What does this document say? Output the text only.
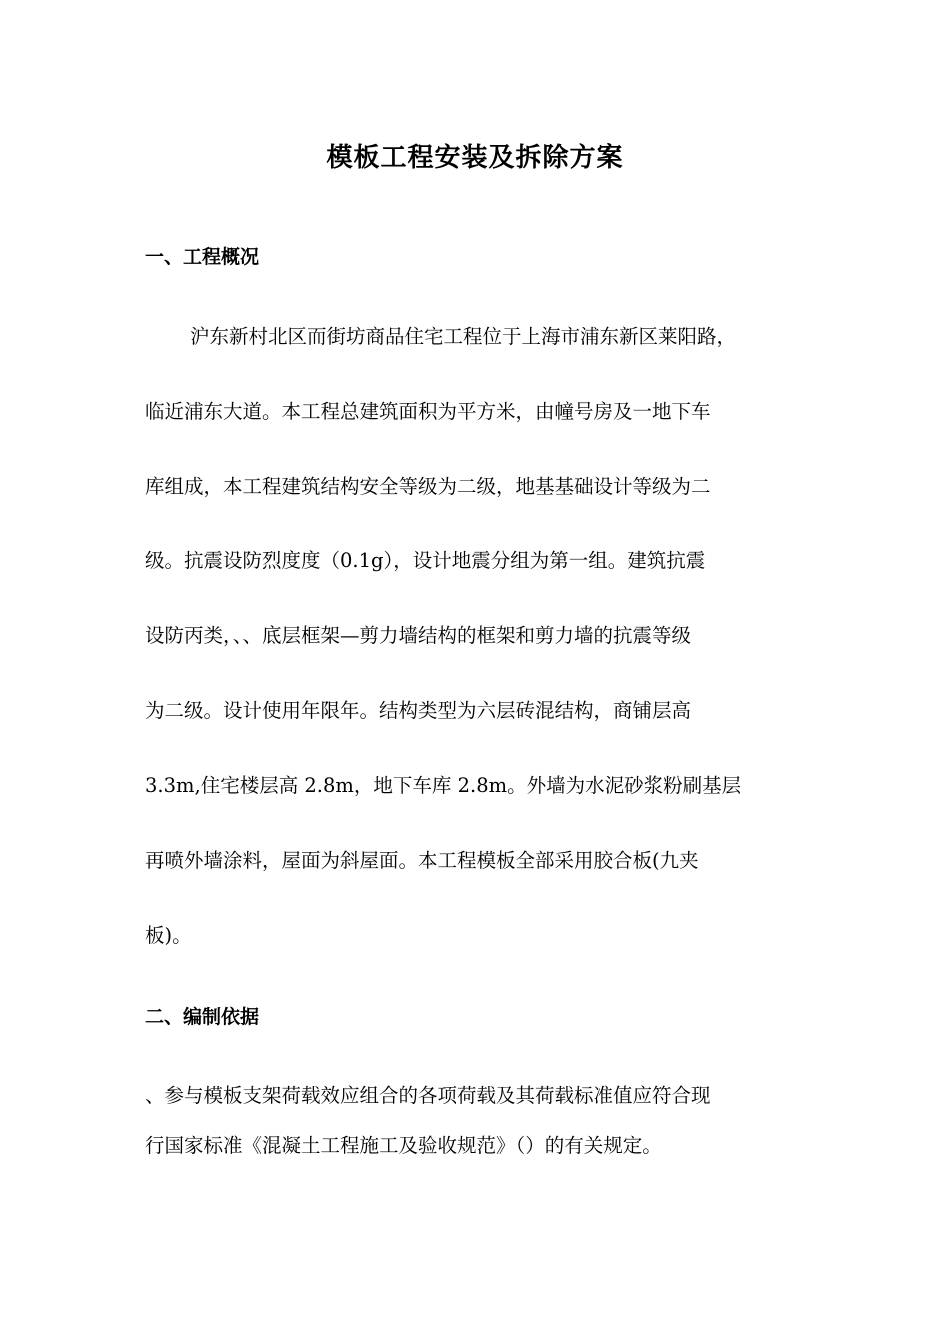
模板工程安装及拆除方案
一、工程概况
沪东新村北区而街坊商品住宅工程位于上海市浦东新区莱阳路，
临近浦东大道。本工程总建筑面积为平方米，由幢号房及一地下车
库组成，本工程建筑结构安全等级为二级，地基基础设计等级为二
级。抗震设防烈度度（0.1g），设计地震分组为第一组。建筑抗震
设防丙类，、、底层框架—剪力墙结构的框架和剪力墙的抗震等级
为二级。设计使用年限年。结构类型为六层砖混结构，商铺层高
3.3m,住宅楼层高 2.8m，地下车库 2.8m。外墙为水泥砂浆粉刷基层
再喷外墙涂料，屋面为斜屋面。本工程模板全部采用胶合板(九夹
板)。
二、编制依据
、参与模板支架荷载效应组合的各项荷载及其荷载标准值应符合现
行国家标准《混凝土工程施工及验收规范》（）的有关规定。
